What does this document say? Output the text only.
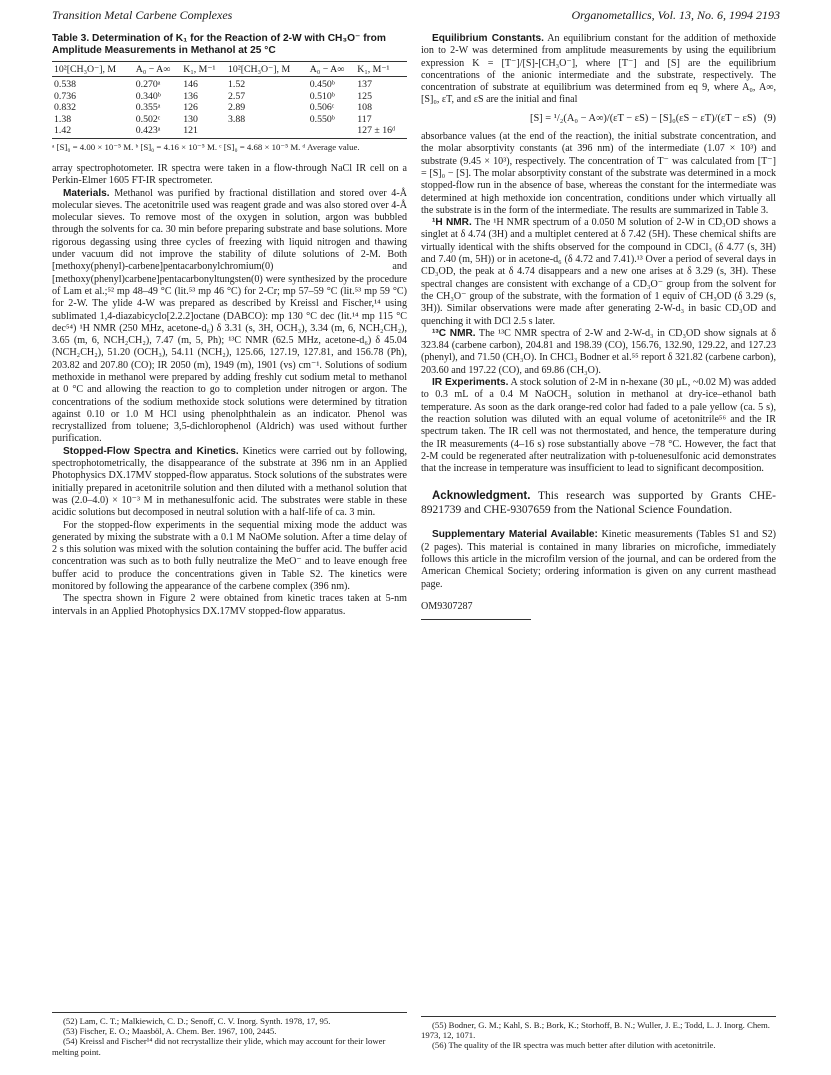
Transition Metal Carbene Complexes	Organometallics, Vol. 13, No. 6, 1994 2193
Table 3. Determination of K₁ for the Reaction of 2-W with CH₃O⁻ from Amplitude Measurements in Methanol at 25 °C
10²[CH₃O⁻], M	A₀ − A∞	K₁, M⁻¹	10²[CH₃O⁻], M	A₀ − A∞	K₁, M⁻¹
0.538	0.270ᵃ	146	1.52	0.450ᵇ	137
0.736	0.340ᵇ	136	2.57	0.510ᵇ	125
0.832	0.355ᵃ	126	2.89	0.506ᶜ	108
1.38	0.502ᶜ	130	3.88	0.550ᵇ	117
1.42	0.423ᵃ	121			127 ± 16ᵈ
ᵃ [S]₀ = 4.00 × 10⁻⁵ M. ᵇ [S]₀ = 4.16 × 10⁻⁵ M. ᶜ [S]₀ = 4.68 × 10⁻⁵ M. ᵈ Average value.

array spectrophotometer. IR spectra were taken in a flow-through NaCl IR cell on a Perkin-Elmer 1605 FT-IR spectrometer.

Materials. Methanol was purified by fractional distillation and stored over 4-Å molecular sieves. The acetonitrile used was reagent grade and was also stored over 4-Å molecular sieves. To remove most of the oxygen in solution, argon was bubbled through the solvents for ca. 30 min before preparing substrate and base solutions. More rigorous degassing using three cycles of freezing with liquid nitrogen and thawing under vacuum did not improve the stability of dilute solutions of 2-M. Both [methoxy(phenyl)-carbene]pentacarbonylchromium(0) and [methoxy(phenyl)carbene]pentacarbonyltungsten(0) were synthesized by the procedure of Lam et al.;⁵² mp 48–49 °C (lit.⁵³ mp 46 °C) for 2-Cr; mp 57–59 °C (lit.⁵³ mp 59 °C) for 2-W. The ylide 4-W was prepared as described by Kreissl and Fischer,¹⁴ using sublimated 1,4-diazabicyclo[2.2.2]octane (DABCO): mp 130 °C dec (lit.¹⁴ mp 115 °C dec⁵⁴) ¹H NMR (250 MHz, acetone-d₆) δ 3.31 (s, 3H, OCH₃), 3.34 (m, 6, NCH₂CH₂), 3.65 (m, 6, NCH₂CH₂), 7.47 (m, 5, Ph); ¹³C NMR (62.5 MHz, acetone-d₆) δ 45.04 (NCH₂CH₂), 51.20 (OCH₃), 54.11 (NCH₂), 125.66, 127.19, 127.81, and 156.78 (Ph), 203.82 and 207.80 (CO); IR 2050 (m), 1949 (m), 1901 (vs) cm⁻¹. Solutions of sodium methoxide in methanol were prepared by adding freshly cut sodium metal to methanol at 0 °C and allowing the reaction to go to completion under nitrogen or argon. The concentrations of the sodium methoxide stock solutions were determined by titration against 0.10 or 1.0 M HCl using phenolphthalein as an indicator. Phenol was recrystallized from toluene; 3,5-dichlorophenol (Aldrich) was used without further purification.

Stopped-Flow Spectra and Kinetics. Kinetics were carried out by following, spectrophotometrically, the disappearance of the substrate at 396 nm in an Applied Photophysics DX.17MV stopped-flow apparatus. Stock solutions of the substrates were initially prepared in acetonitrile solution and then diluted with a methanol solution that was (2.0–4.0) × 10⁻³ M in methanesulfonic acid. The substrates were stable in these acidic solutions but decomposed in neutral solution with a half-life of ca. 3 min.

For the stopped-flow experiments in the sequential mixing mode the adduct was generated by mixing the substrate with a 0.1 M NaOMe solution. After a time delay of 2 s this solution was mixed with the solution containing the buffer acid. The buffer acid concentration was such as to both fully neutralize the MeO⁻ and to leave enough free buffer acid to produce the concentrations given in Table S2. The kinetics were monitored by following the appearance of the carbene complex (396 nm).

The spectra shown in Figure 2 were obtained from kinetic traces taken at 5-nm intervals in an Applied Photophysics DX.17MV stopped-flow apparatus.

Equilibrium Constants. An equilibrium constant for the addition of methoxide ion to 2-W was determined from amplitude measurements by using the equilibrium expression K = [T⁻]/[S]-[CH₃O⁻], where [T⁻] and [S] are the equilibrium concentrations of the anionic intermediate and the substrate, respectively. The concentration of substrate at equilibrium was determined from eq 9, where A₀, A∞, [S]₀, εT, and εS are the initial and final

[S] = ¹/₂(A₀ − A∞)/(εT − εS) − [S]₀(εS − εT)/(εT − εS) (9)

absorbance values (at the end of the reaction), the initial substrate concentration, and the molar absorptivity constants (at 396 nm) of the intermediate (1.07 × 10³) and substrate (9.45 × 10³), respectively. The concentration of T⁻ was calculated from [T⁻] = [S]₀ − [S]. The molar absorptivity constant of the substrate was determined in a mock stopped-flow run in the absence of base, whereas the constant for the intermediate was determined at high methoxide ion concentration, conditions under which virtually all the substrate is in the form of the intermediate. The results are summarized in Table 3.

¹H NMR. The ¹H NMR spectrum of a 0.050 M solution of 2-W in CD₃OD shows a singlet at δ 4.74 (3H) and a multiplet centered at δ 7.42 (5H). These chemical shifts are virtually identical with the shifts observed for the compound in CDCl₃ (δ 4.77 (s, 3H) and 7.40 (m, 5H)) or in acetone-d₆ (δ 4.72 and 7.41).¹³ Over a period of several days in CD₃OD, the peak at δ 4.74 disappears and a new one arises at δ 3.29 (s, 3H). These spectral changes are consistent with exchange of a CD₃O⁻ group from the solvent for the CH₃O⁻ group of the substrate, with the formation of 1 equiv of CH₃OD (δ 3.29 (s, 3H)). Similar observations were made after generating 2-W-d₃ in basic CD₃OD and quenching it with DCl 2.5 s later.

¹³C NMR. The ¹³C NMR spectra of 2-W and 2-W-d₃ in CD₃OD show signals at δ 323.84 (carbene carbon), 204.81 and 198.39 (CO), 156.76, 132.90, 129.22, and 127.23 (phenyl), and 71.50 (CH₃O). In CHCl₃ Bodner et al.⁵⁵ report δ 321.82 (carbene carbon), 203.60 and 197.22 (CO), and 69.86 (CH₃O).

IR Experiments. A stock solution of 2-M in n-hexane (30 μL, ~0.02 M) was added to 0.3 mL of a 0.4 M NaOCH₃ solution in methanol at dry-ice–ethanol bath temperature. As soon as the dark orange-red color had faded to a pale yellow (ca. 5 s), the reaction solution was diluted with an equal volume of acetonitrile⁵⁶ and the IR spectrum taken. The IR cell was not thermostated, and hence, the temperature during the IR measurements (4–16 s) rose substantially above −78 °C. However, the fact that 2-M could be regenerated after neutralization with p-toluenesulfonic acid demonstrates that the increase in temperature was insufficient to lead to significant decomposition.

Acknowledgment. This research was supported by Grants CHE-8921739 and CHE-9307659 from the National Science Foundation.

Supplementary Material Available: Kinetic measurements (Tables S1 and S2) (2 pages). This material is contained in many libraries on microfiche, immediately follows this article in the microfilm version of the journal, and can be ordered from the American Chemical Society; ordering information is given on any current masthead page.

OM9307287

(52) Lam, C. T.; Malkiewich, C. D.; Senoff, C. V. Inorg. Synth. 1978, 17, 95.
(53) Fischer, E. O.; Maasböl, A. Chem. Ber. 1967, 100, 2445.
(54) Kreissl and Fischer¹⁴ did not recrystallize their ylide, which may account for their lower melting point.
(55) Bodner, G. M.; Kahl, S. B.; Bork, K.; Storhoff, B. N.; Wuller, J. E.; Todd, L. J. Inorg. Chem. 1973, 12, 1071.
(56) The quality of the IR spectra was much better after dilution with acetonitrile.
